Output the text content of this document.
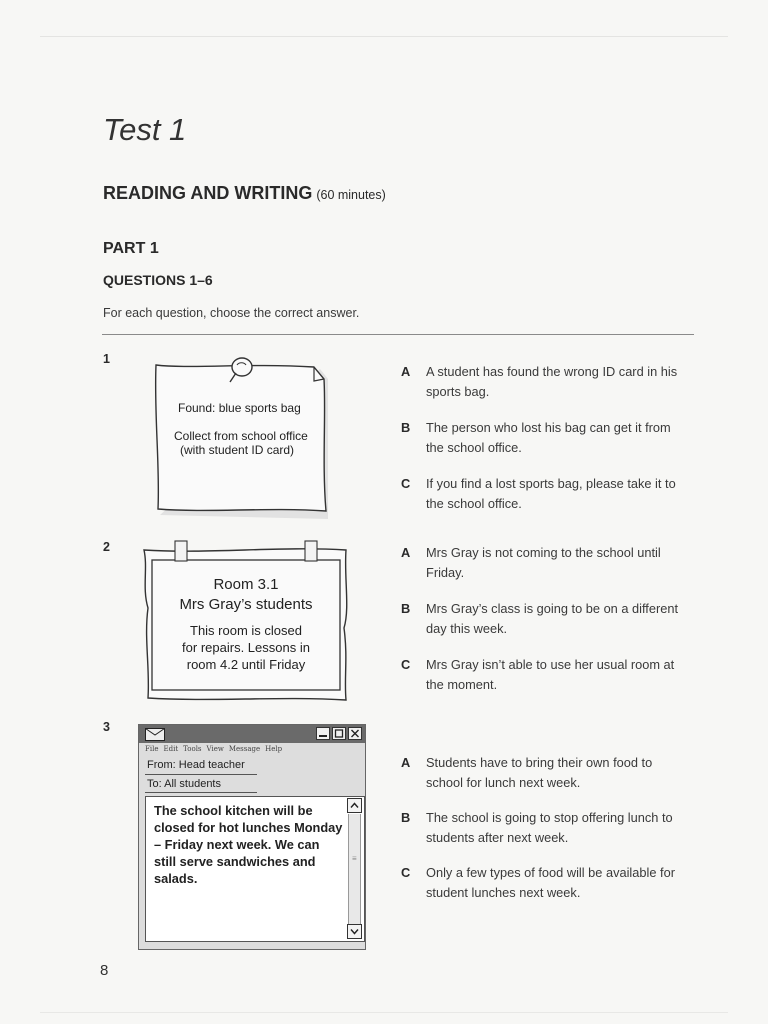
Test 1
READING AND WRITING (60 minutes)
PART 1
QUESTIONS 1–6
For each question, choose the correct answer.
1
Found: blue sports bag
Collect from school office
(with student ID card)
A A student has found the wrong ID card in his sports bag.
B The person who lost his bag can get it from the school office.
C If you find a lost sports bag, please take it to the school office.
2
Room 3.1
Mrs Gray’s students
This room is closed
for repairs. Lessons in
room 4.2 until Friday
A Mrs Gray is not coming to the school until Friday.
B Mrs Gray’s class is going to be on a different day this week.
C Mrs Gray isn’t able to use her usual room at the moment.
3
File Edit Tools View Message Help
From: Head teacher
To: All students
The school kitchen will be closed for hot lunches Monday – Friday next week. We can still serve sandwiches and salads.
≡
A Students have to bring their own food to school for lunch next week.
B The school is going to stop offering lunch to students after next week.
C Only a few types of food will be available for student lunches next week.
8
